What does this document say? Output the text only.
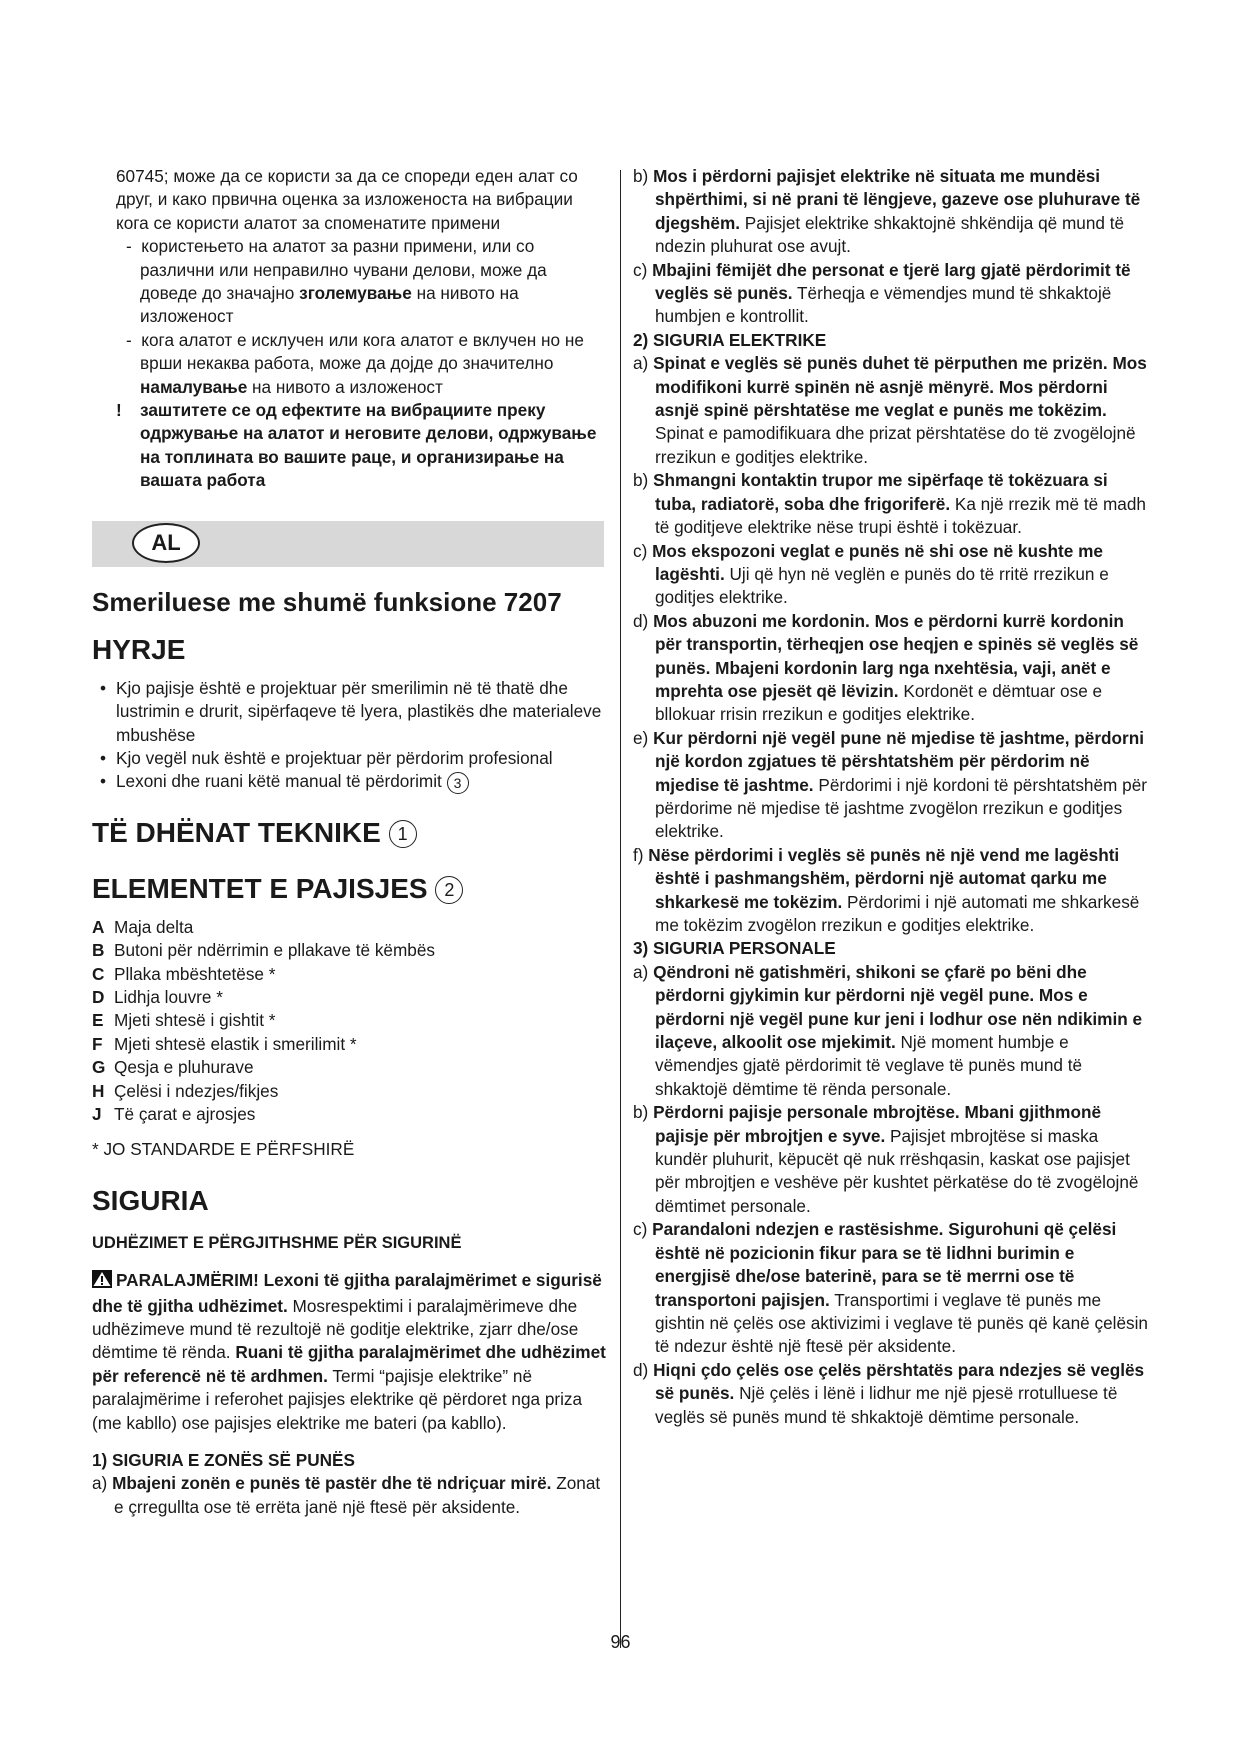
60745; може да се користи за да се спореди еден алат со друг, и како првична оценка за изложеноста на вибрации кога се користи алатот за споменатите примени

-  користењето на алатот за разни примени, или со различни или неправилно чувани делови, може да доведе до значајно зголемување на нивото на изложеност

-  кога алатот е исклучен или кога алатот е вклучен но не врши некаква работа, може да дојде до значително намалување на нивото а изложеност

!	заштитете се од ефектите на вибрациите преку одржување на алатот и неговите делови, одржување на топлината во вашите раце, и организирање на вашата работа
AL
Smeriluese me shumë funksione 7207
HYRJE
• Kjo pajisje është e projektuar për smerilimin në të thatë dhe lustrimin e drurit, sipërfaqeve të lyera, plastikës dhe materialeve mbushëse
• Kjo vegël nuk është e projektuar për përdorim profesional
• Lexoni dhe ruani këtë manual të përdorimit 3
TË DHËNAT TEKNIKE 1
ELEMENTET E PAJISJES 2
A Maja delta
B Butoni për ndërrimin e pllakave të këmbës
C Pllaka mbështetëse *
D Lidhja louvre *
E Mjeti shtesë i gishtit *
F Mjeti shtesë elastik i smerilimit *
G Qesja e pluhurave
H Çelësi i ndezjes/fikjes
J Të çarat e ajrosjes

* JO STANDARDE E PËRFSHIRË

SIGURIA
UDHËZIMET E PËRGJITHSHME PËR SIGURINË

PARALAJMËRIM! Lexoni të gjitha paralajmërimet e sigurisë dhe të gjitha udhëzimet. Mosrespektimi i paralajmërimeve dhe udhëzimeve mund të rezultojë në goditje elektrike, zjarr dhe/ose dëmtime të rënda. Ruani të gjitha paralajmërimet dhe udhëzimet për referencë në të ardhmen. Termi “pajisje elektrike” në paralajmërime i referohet pajisjes elektrike që përdoret nga priza (me kabllo) ose pajisjes elektrike me bateri (pa kabllo).

1) SIGURIA E ZONËS SË PUNËS

a) Mbajeni zonën e punës të pastër dhe të ndriçuar mirë. Zonat e çrregullta ose të errëta janë një ftesë për aksidente.

b) Mos i përdorni pajisjet elektrike në situata me mundësi shpërthimi, si në prani të lëngjeve, gazeve ose pluhurave të djegshëm. Pajisjet elektrike shkaktojnë shkëndija që mund të ndezin pluhurat ose avujt.

c) Mbajini fëmijët dhe personat e tjerë larg gjatë përdorimit të veglës së punës. Tërheqja e vëmendjes mund të shkaktojë humbjen e kontrollit.

2) SIGURIA ELEKTRIKE

a) Spinat e veglës së punës duhet të përputhen me prizën. Mos modifikoni kurrë spinën në asnjë mënyrë. Mos përdorni asnjë spinë përshtatëse me veglat e punës me tokëzim. Spinat e pamodifikuara dhe prizat përshtatëse do të zvogëlojnë rrezikun e goditjes elektrike.

b) Shmangni kontaktin trupor me sipërfaqe të tokëzuara si tuba, radiatorë, soba dhe frigoriferë. Ka një rrezik më të madh të goditjeve elektrike nëse trupi është i tokëzuar.

c) Mos ekspozoni veglat e punës në shi ose në kushte me lagështi. Uji që hyn në veglën e punës do të rritë rrezikun e goditjes elektrike.

d) Mos abuzoni me kordonin. Mos e përdorni kurrë kordonin për transportin, tërheqjen ose heqjen e spinës së veglës së punës. Mbajeni kordonin larg nga nxehtësia, vaji, anët e mprehta ose pjesët që lëvizin. Kordonët e dëmtuar ose e bllokuar rrisin rrezikun e goditjes elektrike.

e) Kur përdorni një vegël pune në mjedise të jashtme, përdorni një kordon zgjatues të përshtatshëm për përdorim në mjedise të jashtme. Përdorimi i një kordoni të përshtatshëm për përdorime në mjedise të jashtme zvogëlon rrezikun e goditjes elektrike.

f) Nëse përdorimi i veglës së punës në një vend me lagështi është i pashmangshëm, përdorni një automat qarku me shkarkesë me tokëzim. Përdorimi i një automati me shkarkesë me tokëzim zvogëlon rrezikun e goditjes elektrike.

3) SIGURIA PERSONALE

a) Qëndroni në gatishmëri, shikoni se çfarë po bëni dhe përdorni gjykimin kur përdorni një vegël pune. Mos e përdorni një vegël pune kur jeni i lodhur ose nën ndikimin e ilaçeve, alkoolit ose mjekimit. Një moment humbje e vëmendjes gjatë përdorimit të veglave të punës mund të shkaktojë dëmtime të rënda personale.

b) Përdorni pajisje personale mbrojtëse. Mbani gjithmonë pajisje për mbrojtjen e syve. Pajisjet mbrojtëse si maska kundër pluhurit, këpucët që nuk rrëshqasin, kaskat ose pajisjet për mbrojtjen e veshëve për kushtet përkatëse do të zvogëlojnë dëmtimet personale.

c) Parandaloni ndezjen e rastësishme. Sigurohuni që çelësi është në pozicionin fikur para se të lidhni burimin e energjisë dhe/ose baterinë, para se të merrni ose të transportoni pajisjen. Transportimi i veglave të punës me gishtin në çelës ose aktivizimi i veglave të punës që kanë çelësin të ndezur është një ftesë për aksidente.

d) Hiqni çdo çelës ose çelës përshtatës para ndezjes së veglës së punës. Një çelës i lënë i lidhur me një pjesë rrotulluese të veglës së punës mund të shkaktojë dëmtime personale.

96
